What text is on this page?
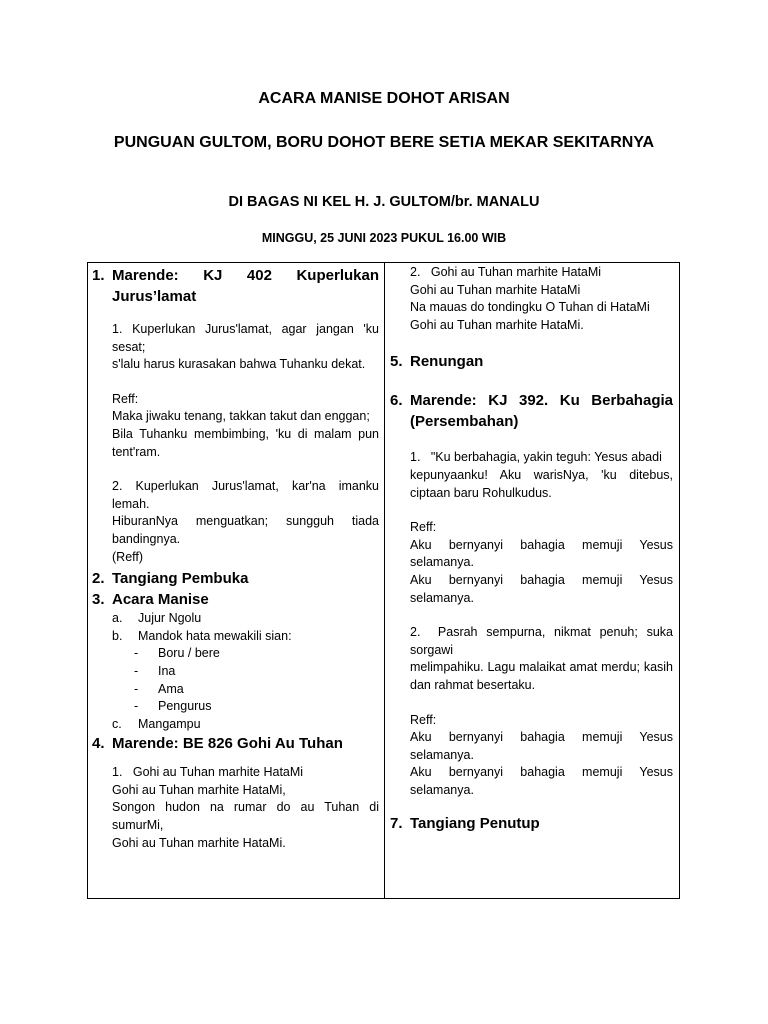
ACARA MANISE DOHOT ARISAN
PUNGUAN GULTOM, BORU DOHOT BERE SETIA MEKAR SEKITARNYA
DI BAGAS NI KEL H. J. GULTOM/br. MANALU
MINGGU, 25 JUNI 2023 PUKUL 16.00 WIB
1. Marende: KJ 402 Kuperlukan
Jurus’lamat

1. Kuperlukan Jurus'lamat, agar jangan 'ku sesat;

s'lalu harus kurasakan bahwa Tuhanku dekat.

Reff:

Maka jiwaku tenang, takkan takut dan enggan;

Bila Tuhanku membimbing, 'ku di malam pun tent'ram.

2. Kuperlukan Jurus'lamat, kar'na imanku lemah.

HiburanNya menguatkan; sungguh tiada bandingnya.

(Reff)

2. Tangiang Pembuka
3. Acara Manise
a.	Jujur Ngolu
b.	Mandok hata mewakili sian:
-	Boru / bere
-	Ina
-	Ama
-	Pengurus
c.	Mangampu
4. Marende: BE 826 Gohi Au Tuhan

1.   Gohi au Tuhan marhite HataMi

Gohi au Tuhan marhite HataMi,

Songon hudon na rumar do au Tuhan di sumurMi,

Gohi au Tuhan marhite HataMi.

2.   Gohi au Tuhan marhite HataMi

Gohi au Tuhan marhite HataMi

Na mauas do tondingku O Tuhan di HataMi

Gohi au Tuhan marhite HataMi.

5. Renungan
6. Marende: KJ 392. Ku Berbahagia (Persembahan)

1.   "Ku berbahagia, yakin teguh: Yesus abadi

kepunyaanku! Aku warisNya, 'ku ditebus, ciptaan baru Rohulkudus.

Reff:

Aku bernyanyi bahagia memuji Yesus selamanya.

Aku bernyanyi bahagia memuji Yesus selamanya.

2.  Pasrah sempurna, nikmat penuh; suka sorgawi

melimpahiku. Lagu malaikat amat merdu; kasih dan rahmat besertaku.

Reff:

Aku bernyanyi bahagia memuji Yesus selamanya.

Aku bernyanyi bahagia memuji Yesus selamanya.

7. Tangiang Penutup
